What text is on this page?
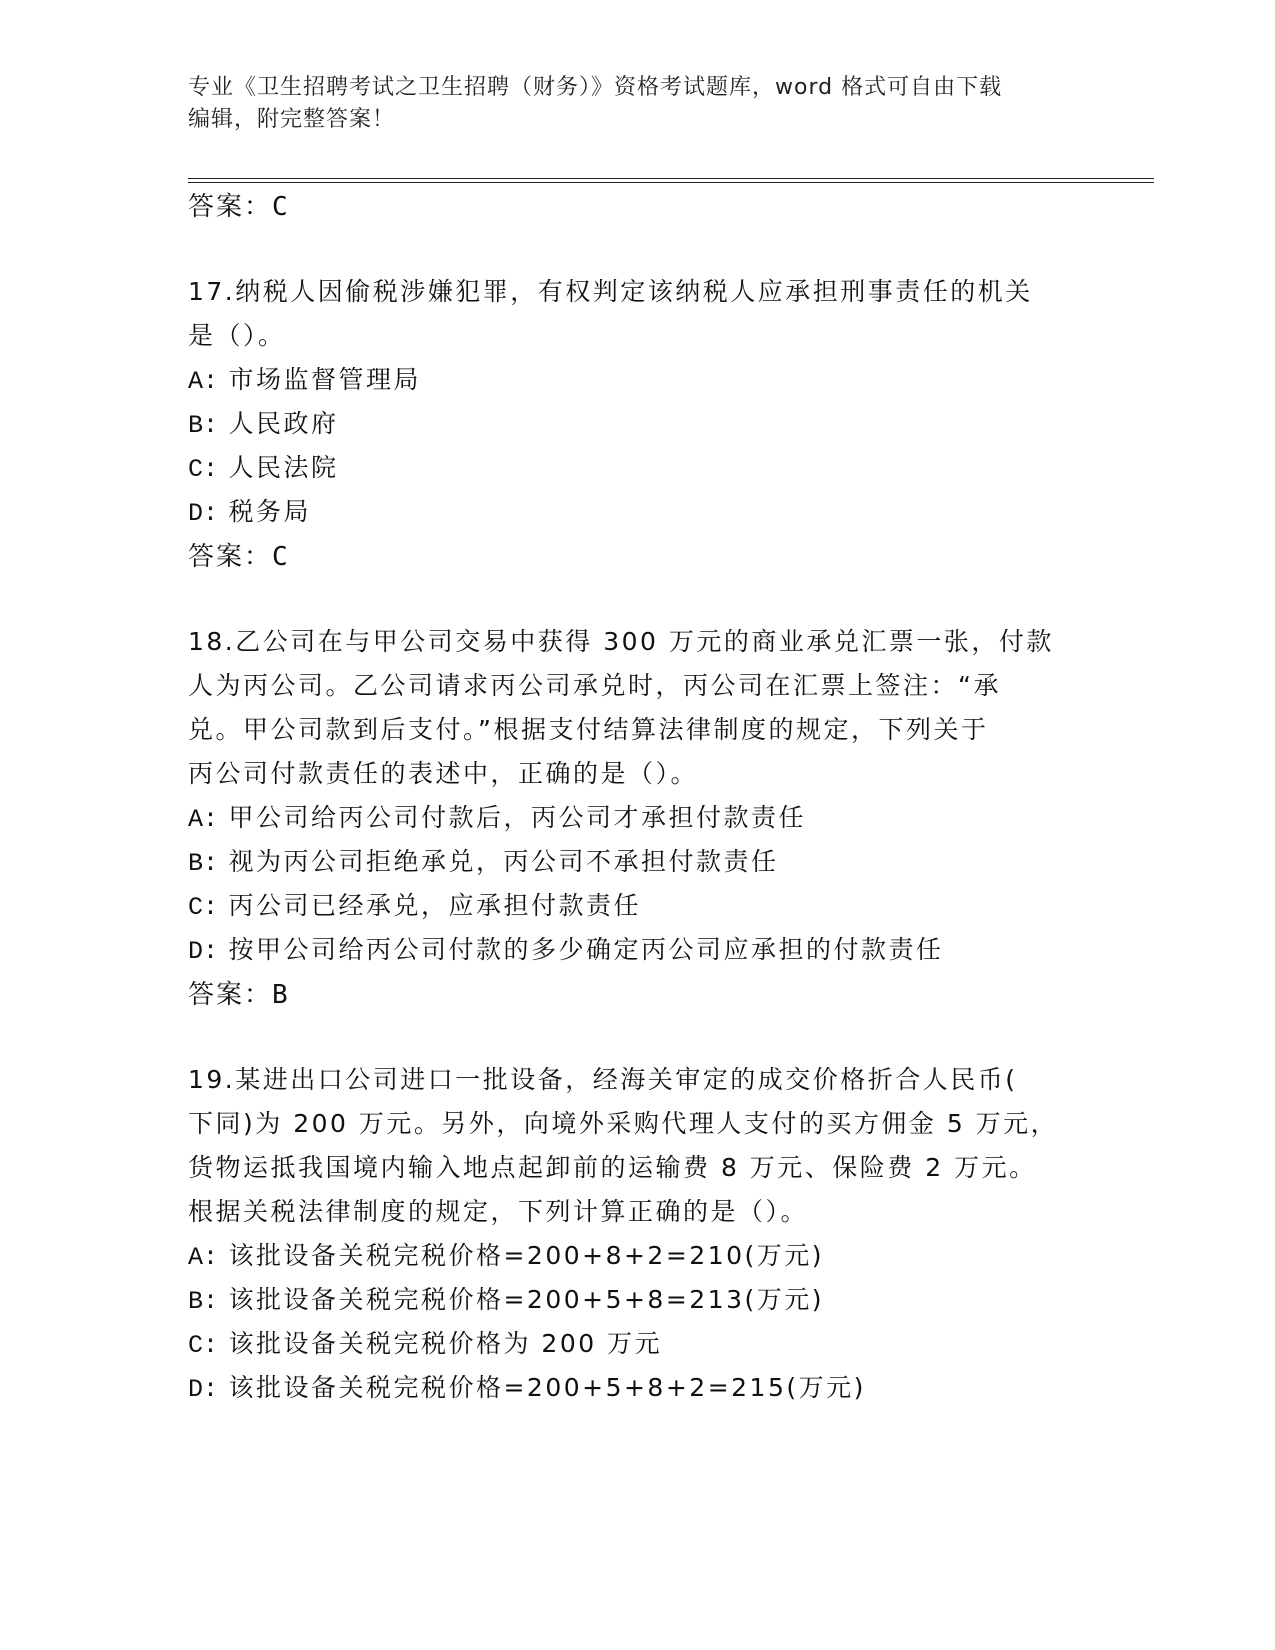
专业《卫生招聘考试之卫生招聘（财务）》资格考试题库，word 格式可自由下载
编辑，附完整答案！
答案：C
17.纳税人因偷税涉嫌犯罪，有权判定该纳税人应承担刑事责任的机关
是（）。
A: 市场监督管理局
B: 人民政府
C: 人民法院
D: 税务局
答案：C
18.乙公司在与甲公司交易中获得 300 万元的商业承兑汇票一张，付款
人为丙公司。乙公司请求丙公司承兑时，丙公司在汇票上签注：“承
兑。甲公司款到后支付。”根据支付结算法律制度的规定，下列关于
丙公司付款责任的表述中，正确的是（）。
A: 甲公司给丙公司付款后，丙公司才承担付款责任
B: 视为丙公司拒绝承兑，丙公司不承担付款责任
C: 丙公司已经承兑，应承担付款责任
D: 按甲公司给丙公司付款的多少确定丙公司应承担的付款责任
答案：B
19.某进出口公司进口一批设备，经海关审定的成交价格折合人民币(
下同)为 200 万元。另外，向境外采购代理人支付的买方佣金 5 万元，
货物运抵我国境内输入地点起卸前的运输费 8 万元、保险费 2 万元。
根据关税法律制度的规定，下列计算正确的是（）。
A: 该批设备关税完税价格=200+8+2=210(万元)
B: 该批设备关税完税价格=200+5+8=213(万元)
C: 该批设备关税完税价格为 200 万元
D: 该批设备关税完税价格=200+5+8+2=215(万元)
